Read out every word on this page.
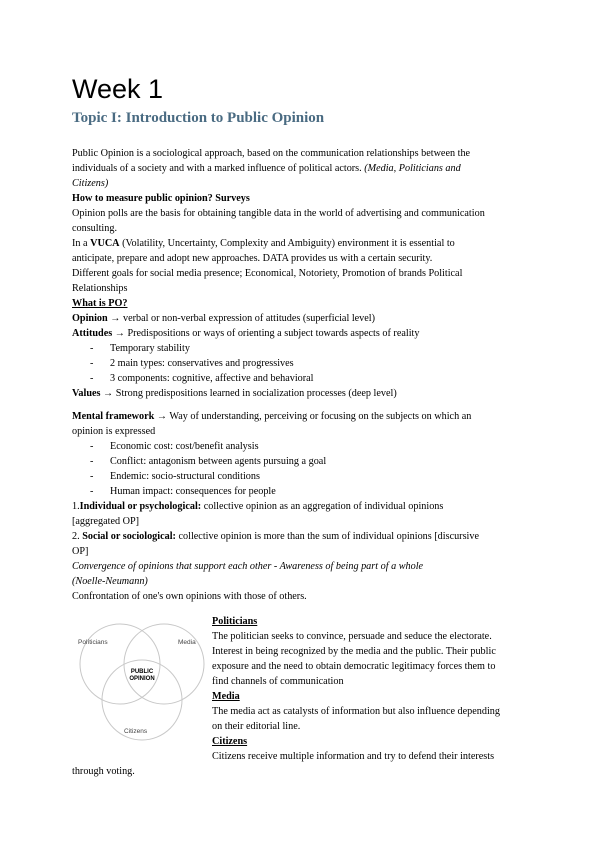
Week 1
Topic I: Introduction to Public Opinion
Public Opinion is a sociological approach, based on the communication relationships between the
individuals of a society and with a marked influence of political actors. (Media, Politicians and
Citizens)
How to measure public opinion? Surveys
Opinion polls are the basis for obtaining tangible data in the world of advertising and communication
consulting.
In a VUCA (Volatility, Uncertainty, Complexity and Ambiguity) environment it is essential to
anticipate, prepare and adopt new approaches. DATA provides us with a certain security.
Different goals for social media presence; Economical, Notoriety, Promotion of brands Political
Relationships
What is PO?
Opinion → verbal or non-verbal expression of attitudes (superficial level)
Attitudes → Predispositions or ways of orienting a subject towards aspects of reality
- Temporary stability
- 2 main types: conservatives and progressives
- 3 components: cognitive, affective and behavioral
Values → Strong predispositions learned in socialization processes (deep level)
Mental framework → Way of understanding, perceiving or focusing on the subjects on which an
opinion is expressed
- Economic cost: cost/benefit analysis
- Conflict: antagonism between agents pursuing a goal
- Endemic: socio-structural conditions
- Human impact: consequences for people
1.Individual or psychological: collective opinion as an aggregation of individual opinions
[aggregated OP]
2. Social or sociological: collective opinion is more than the sum of individual opinions [discursive
OP]
Convergence of opinions that support each other - Awareness of being part of a whole
(Noelle-Neumann)
Confrontation of one's own opinions with those of others.
Políticians	Media
Citizens
PUBLIC
OPINION
Politicians
The politician seeks to convince, persuade and seduce the electorate.
Interest in being recognized by the media and the public. Their public
exposure and the need to obtain democratic legitimacy forces them to
find channels of communication
Media
The media act as catalysts of information but also influence depending
on their editorial line.
Citizens
Citizens receive multiple information and try to defend their interests
through voting.
